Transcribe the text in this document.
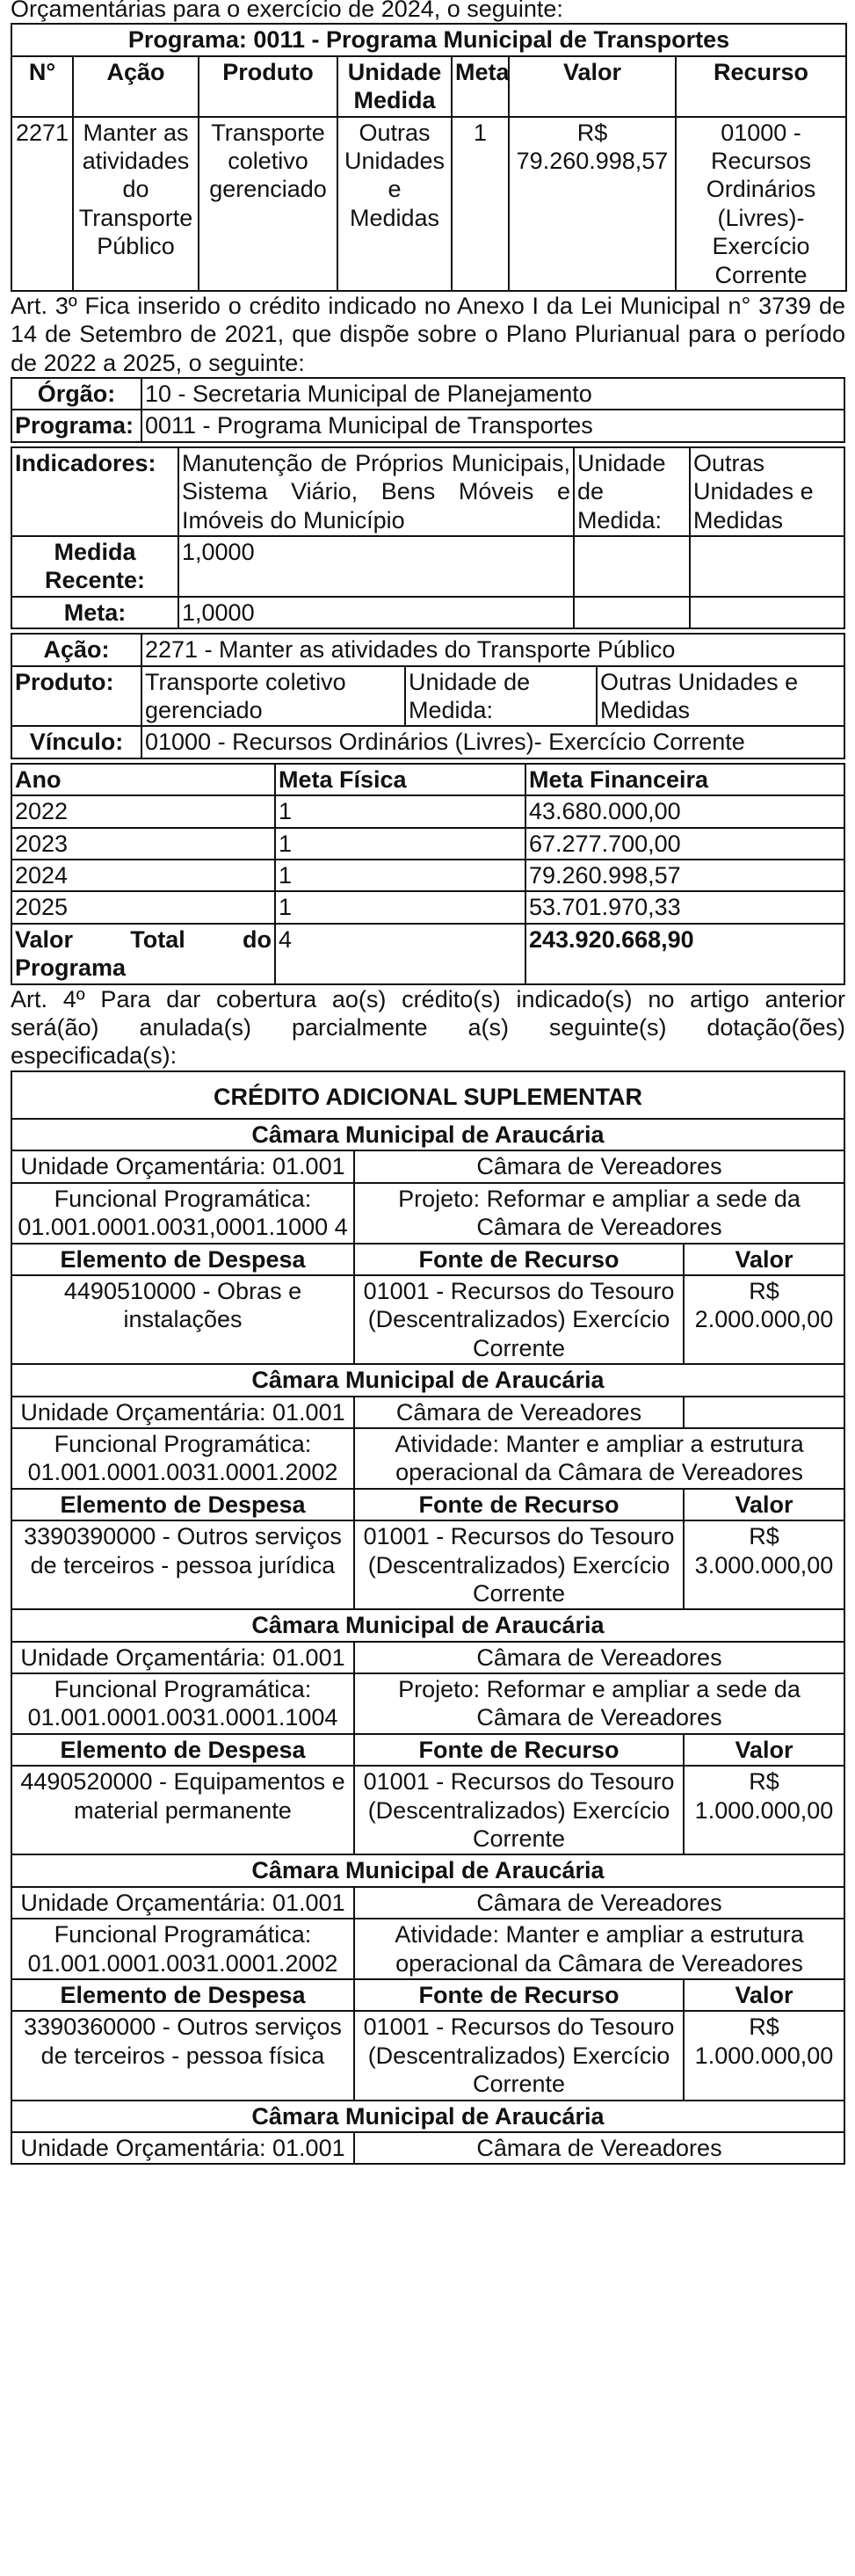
Orçamentárias para o exercício de 2024, o seguinte:

Programa: 0011 - Programa Municipal de Transportes						
N°	Ação	Produto	Unidade Medida	Meta	Valor	Recurso
2271	Manter as atividades do Transporte Público	Transporte coletivo gerenciado	Outras Unidades e Medidas	1	R$ 79.260.998,57	01000 - Recursos Ordinários (Livres)- Exercício Corrente

Art. 3º Fica inserido o crédito indicado no Anexo I da Lei Municipal n° 3739 de 14 de Setembro de 2021, que dispõe sobre o Plano Plurianual para o período de 2022 a 2025, o seguinte:

Órgão:	10 - Secretaria Municipal de Planejamento
Programa:	0011 - Programa Municipal de Transportes
Indicadores:	Manutenção de Próprios Municipais, Sistema Viário, Bens Móveis e Imóveis do Município	Unidade de Medida:	Outras Unidades e Medidas
Medida Recente:	1,0000		
Meta:	1,0000		
Ação:	2271 - Manter as atividades do Transporte Público		
Produto:	Transporte coletivo gerenciado	Unidade de Medida:	Outras Unidades e Medidas
Vínculo:	01000 - Recursos Ordinários (Livres)- Exercício Corrente		
Ano	Meta Física	Meta Financeira
2022	1	43.680.000,00
2023	1	67.277.700,00
2024	1	79.260.998,57
2025	1	53.701.970,33
Valor Total do Programa	4	243.920.668,90

Art. 4º Para dar cobertura ao(s) crédito(s) indicado(s) no artigo anterior será(ão) anulada(s) parcialmente a(s) seguinte(s) dotação(ões) especificada(s):

CRÉDITO ADICIONAL SUPLEMENTAR		
Câmara Municipal de Araucária		
Unidade Orçamentária: 01.001	Câmara de Vereadores	
Funcional Programática:
01.001.0001.0031,0001.1000 4	Projeto: Reformar e ampliar a sede da Câmara de Vereadores	
Elemento de Despesa	Fonte de Recurso	Valor
4490510000 - Obras e instalações	01001 - Recursos do Tesouro (Descentralizados) Exercício Corrente	R$ 2.000.000,00
Câmara Municipal de Araucária		
Unidade Orçamentária: 01.001	Câmara de Vereadores	
Funcional Programática:
01.001.0001.0031.0001.2002	Atividade: Manter e ampliar a estrutura operacional da Câmara de Vereadores	
Elemento de Despesa	Fonte de Recurso	Valor
3390390000 - Outros serviços de terceiros - pessoa jurídica	01001 - Recursos do Tesouro (Descentralizados) Exercício Corrente	R$ 3.000.000,00
Câmara Municipal de Araucária		
Unidade Orçamentária: 01.001	Câmara de Vereadores	
Funcional Programática:
01.001.0001.0031.0001.1004	Projeto: Reformar e ampliar a sede da Câmara de Vereadores	
Elemento de Despesa	Fonte de Recurso	Valor
4490520000 - Equipamentos e material permanente	01001 - Recursos do Tesouro (Descentralizados) Exercício Corrente	R$ 1.000.000,00
Câmara Municipal de Araucária		
Unidade Orçamentária: 01.001	Câmara de Vereadores	
Funcional Programática:
01.001.0001.0031.0001.2002	Atividade: Manter e ampliar a estrutura operacional da Câmara de Vereadores	
Elemento de Despesa	Fonte de Recurso	Valor
3390360000 - Outros serviços de terceiros - pessoa física	01001 - Recursos do Tesouro (Descentralizados) Exercício Corrente	R$ 1.000.000,00
Câmara Municipal de Araucária		
Unidade Orçamentária: 01.001	Câmara de Vereadores	
